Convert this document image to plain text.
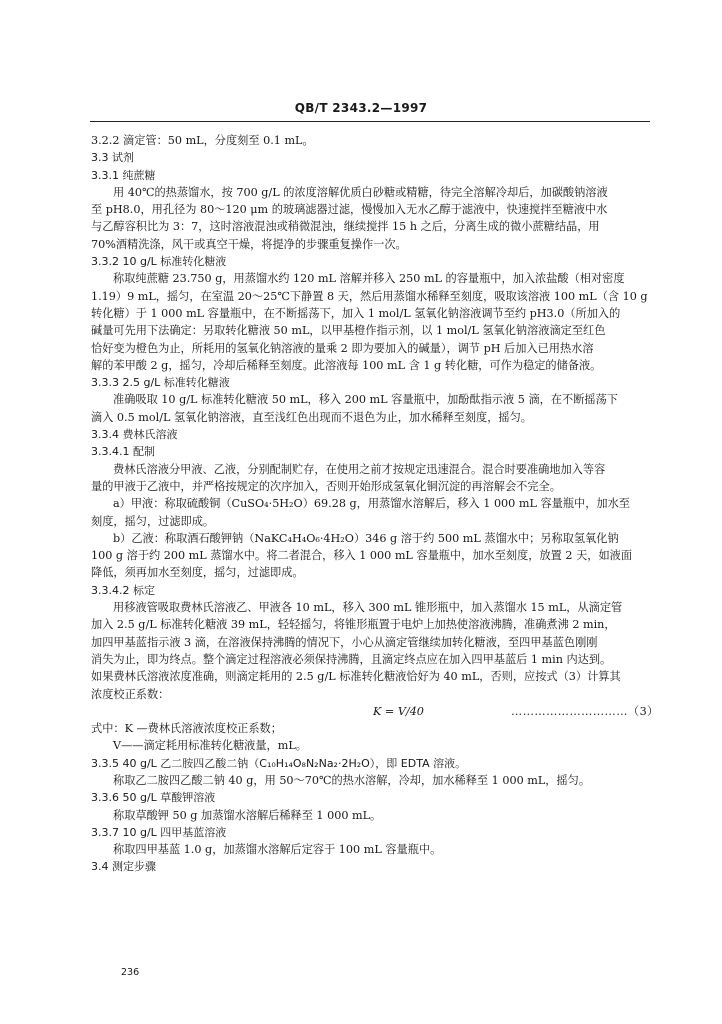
QB/T 2343.2—1997
3.2.2 滴定管：50 mL，分度刻至 0.1 mL。
3.3 试剂
3.3.1 纯蔗糖
用 40℃的热蒸馏水，按 700 g/L 的浓度溶解优质白砂糖或精糖，待完全溶解冷却后，加碳酸钠溶液
至 pH8.0，用孔径为 80～120 μm 的玻璃滤器过滤，慢慢加入无水乙醇于滤液中，快速搅拌至糖液中水
与乙醇容积比为 3：7，这时溶液混浊或稍微混浊，继续搅拌 15 h 之后，分离生成的微小蔗糖结晶，用
70%酒精洗涤，风干或真空干燥，将提净的步骤重复操作一次。
3.3.2 10 g/L 标准转化糖液
称取纯蔗糖 23.750 g，用蒸馏水约 120 mL 溶解并移入 250 mL 的容量瓶中，加入浓盐酸（相对密度
1.19）9 mL，摇匀，在室温 20～25℃下静置 8 天，然后用蒸馏水稀释至刻度，吸取该溶液 100 mL（含 10 g
转化糖）于 1 000 mL 容量瓶中，在不断摇荡下，加入 1 mol/L 氢氧化钠溶液调节至约 pH3.0（所加入的
碱量可先用下法确定：另取转化糖液 50 mL，以甲基橙作指示剂，以 1 mol/L 氢氧化钠溶液滴定至红色
恰好变为橙色为止，所耗用的氢氧化钠溶液的量乘 2 即为要加入的碱量），调节 pH 后加入已用热水溶
解的苯甲酸 2 g，摇匀，冷却后稀释至刻度。此溶液每 100 mL 含 1 g 转化糖，可作为稳定的储备液。
3.3.3 2.5 g/L 标准转化糖液
准确吸取 10 g/L 标准转化糖液 50 mL，移入 200 mL 容量瓶中，加酚酞指示液 5 滴，在不断摇荡下
滴入 0.5 mol/L 氢氧化钠溶液，直至浅红色出现而不退色为止，加水稀释至刻度，摇匀。
3.3.4 费林氏溶液
3.3.4.1 配制
费林氏溶液分甲液、乙液，分别配制贮存，在使用之前才按规定迅速混合。混合时要准确地加入等容
量的甲液于乙液中，并严格按规定的次序加入，否则开始形成氢氧化铜沉淀的再溶解会不完全。
a）甲液：称取硫酸铜（CuSO₄·5H₂O）69.28 g，用蒸馏水溶解后，移入 1 000 mL 容量瓶中，加水至
刻度，摇匀，过滤即成。
b）乙液：称取酒石酸钾钠（NaKC₄H₄O₆·4H₂O）346 g 溶于约 500 mL 蒸馏水中；另称取氢氧化钠
100 g 溶于约 200 mL 蒸馏水中。将二者混合，移入 1 000 mL 容量瓶中，加水至刻度，放置 2 天，如液面
降低，须再加水至刻度，摇匀，过滤即成。
3.3.4.2 标定
用移液管吸取费林氏溶液乙、甲液各 10 mL，移入 300 mL 锥形瓶中，加入蒸馏水 15 mL，从滴定管
加入 2.5 g/L 标准转化糖液 39 mL，轻轻摇匀，将锥形瓶置于电炉上加热使溶液沸腾，准确煮沸 2 min，
加四甲基蓝指示液 3 滴，在溶液保持沸腾的情况下，小心从滴定管继续加转化糖液，至四甲基蓝色刚刚
消失为止，即为终点。整个滴定过程溶液必须保持沸腾，且滴定终点应在加入四甲基蓝后 1 min 内达到。
如果费林氏溶液浓度准确，则滴定耗用的 2.5 g/L 标准转化糖液恰好为 40 mL，否则，应按式（3）计算其
浓度校正系数：
K = V/40	…………………………（3）
式中：K —费林氏溶液浓度校正系数；
V——滴定耗用标准转化糖液量，mL。
3.3.5 40 g/L 乙二胺四乙酸二钠（C₁₀H₁₄O₈N₂Na₂·2H₂O），即 EDTA 溶液。
称取乙二胺四乙酸二钠 40 g，用 50～70℃的热水溶解，冷却，加水稀释至 1 000 mL，摇匀。
3.3.6 50 g/L 草酸钾溶液
称取草酸钾 50 g 加蒸馏水溶解后稀释至 1 000 mL。
3.3.7 10 g/L 四甲基蓝溶液
称取四甲基蓝 1.0 g，加蒸馏水溶解后定容于 100 mL 容量瓶中。
3.4 测定步骤
236
